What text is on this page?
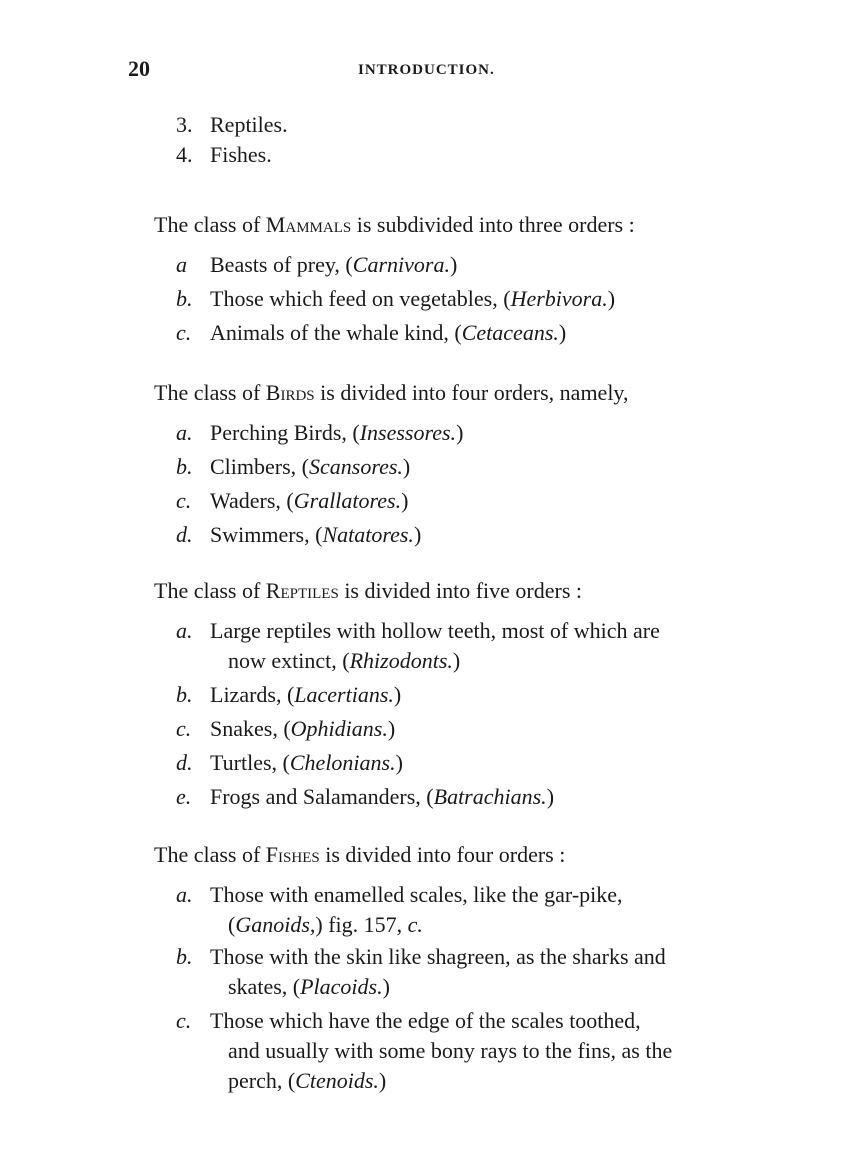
20	INTRODUCTION.
3. Reptiles.
4. Fishes.
The class of Mammals is subdivided into three orders :
a Beasts of prey, (Carnivora.)
b. Those which feed on vegetables, (Herbivora.)
c. Animals of the whale kind, (Cetaceans.)
The class of Birds is divided into four orders, namely,
a. Perching Birds, (Insessores.)
b. Climbers, (Scansores.)
c. Waders, (Grallatores.)
d. Swimmers, (Natatores.)
The class of Reptiles is divided into five orders :
a. Large reptiles with hollow teeth, most of which are
now extinct, (Rhizodonts.)
b. Lizards, (Lacertians.)
c. Snakes, (Ophidians.)
d. Turtles, (Chelonians.)
e. Frogs and Salamanders, (Batrachians.)
The class of Fishes is divided into four orders :
a. Those with enamelled scales, like the gar-pike,
(Ganoids,) fig. 157, c.
b. Those with the skin like shagreen, as the sharks and
skates, (Placoids.)
c. Those which have the edge of the scales toothed,
and usually with some bony rays to the fins, as the
perch, (Ctenoids.)
